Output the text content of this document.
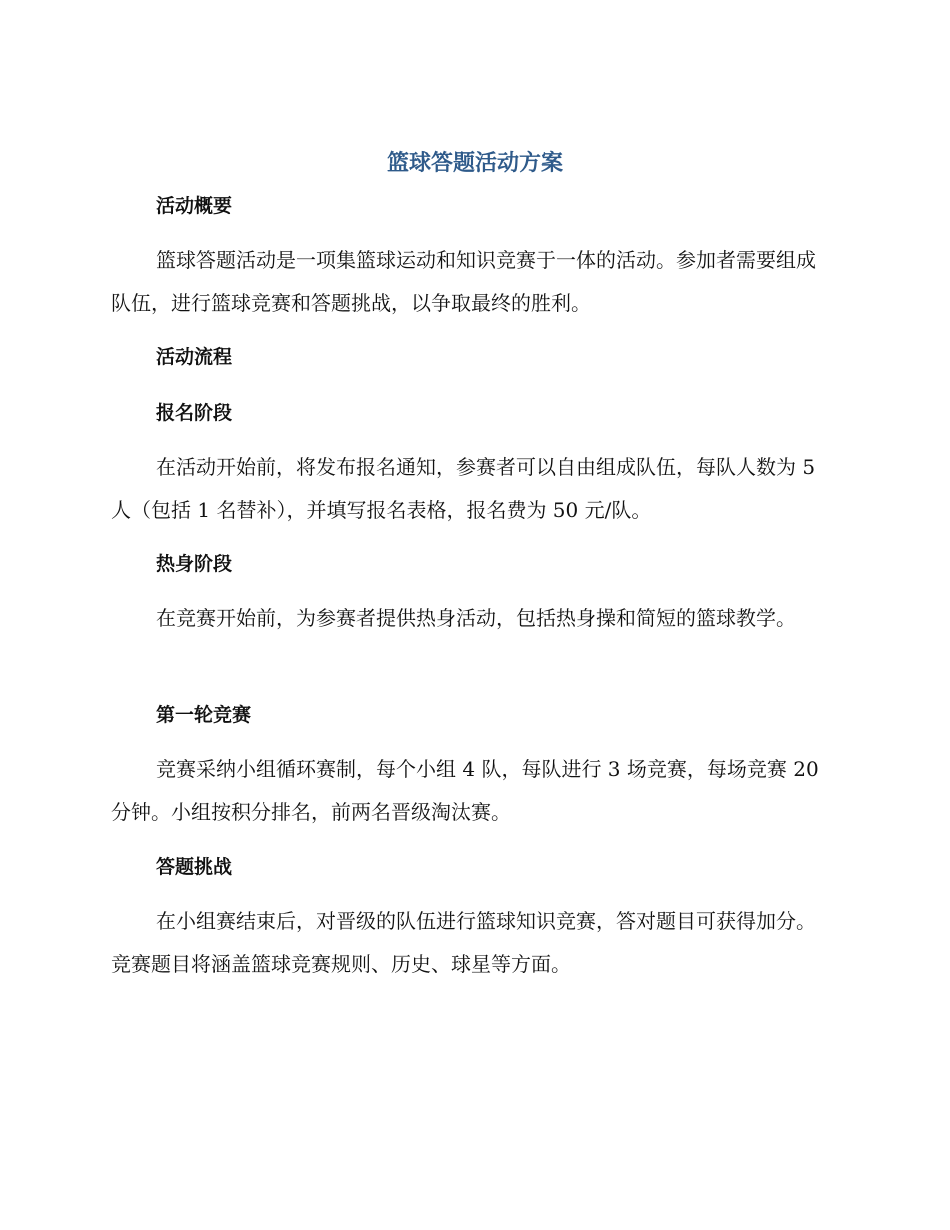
篮球答题活动方案
活动概要

篮球答题活动是一项集篮球运动和知识竞赛于一体的活动。参加者需要组成队伍，进行篮球竞赛和答题挑战，以争取最终的胜利。

活动流程
报名阶段

在活动开始前，将发布报名通知，参赛者可以自由组成队伍，每队人数为 5 人（包括 1 名替补），并填写报名表格，报名费为 50 元/队。

热身阶段

在竞赛开始前，为参赛者提供热身活动，包括热身操和简短的篮球教学。

第一轮竞赛

竞赛采纳小组循环赛制，每个小组 4 队，每队进行 3 场竞赛，每场竞赛 20 分钟。小组按积分排名，前两名晋级淘汰赛。

答题挑战

在小组赛结束后，对晋级的队伍进行篮球知识竞赛，答对题目可获得加分。竞赛题目将涵盖篮球竞赛规则、历史、球星等方面。
